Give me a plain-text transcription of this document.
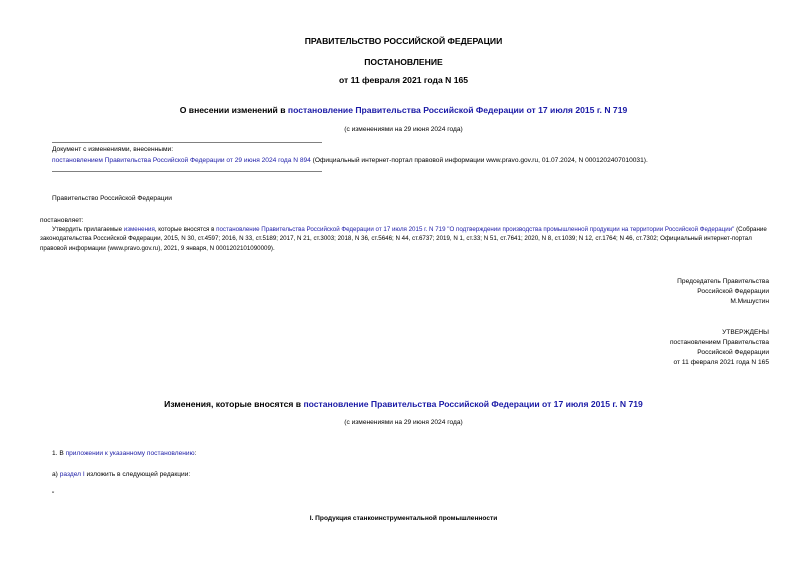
ПРАВИТЕЛЬСТВО РОССИЙСКОЙ ФЕДЕРАЦИИ
ПОСТАНОВЛЕНИЕ
от 11 февраля 2021 года N 165
О внесении изменений в постановление Правительства Российской Федерации от 17 июля 2015 г. N 719
(с изменениями на 29 июня 2024 года)
Документ с изменениями, внесенными:
постановлением Правительства Российской Федерации от 29 июня 2024 года N 894 (Официальный интернет-портал правовой информации www.pravo.gov.ru, 01.07.2024, N 0001202407010031).
Правительство Российской Федерации
постановляет:
Утвердить прилагаемые изменения, которые вносятся в постановление Правительства Российской Федерации от 17 июля 2015 г. N 719 "О подтверждении производства промышленной продукции на территории Российской Федерации" (Собрание законодательства Российской Федерации, 2015, N 30, ст.4597; 2016, N 33, ст.5189; 2017, N 21, ст.3003; 2018, N 36, ст.5646; N 44, ст.6737; 2019, N 1, ст.33; N 51, ст.7641; 2020, N 8, ст.1039; N 12, ст.1764; N 46, ст.7302; Официальный интернет-портал правовой информации (www.pravo.gov.ru), 2021, 9 января, N 0001202101090009).
Председатель Правительства
Российской Федерации
М.Мишустин
УТВЕРЖДЕНЫ
постановлением Правительства
Российской Федерации
от 11 февраля 2021 года N 165
Изменения, которые вносятся в постановление Правительства Российской Федерации от 17 июля 2015 г. N 719
(с изменениями на 29 июня 2024 года)
1. В приложении к указанному постановлению:
а) раздел I изложить в следующей редакции:
"
I. Продукция станкоинструментальной промышленности
